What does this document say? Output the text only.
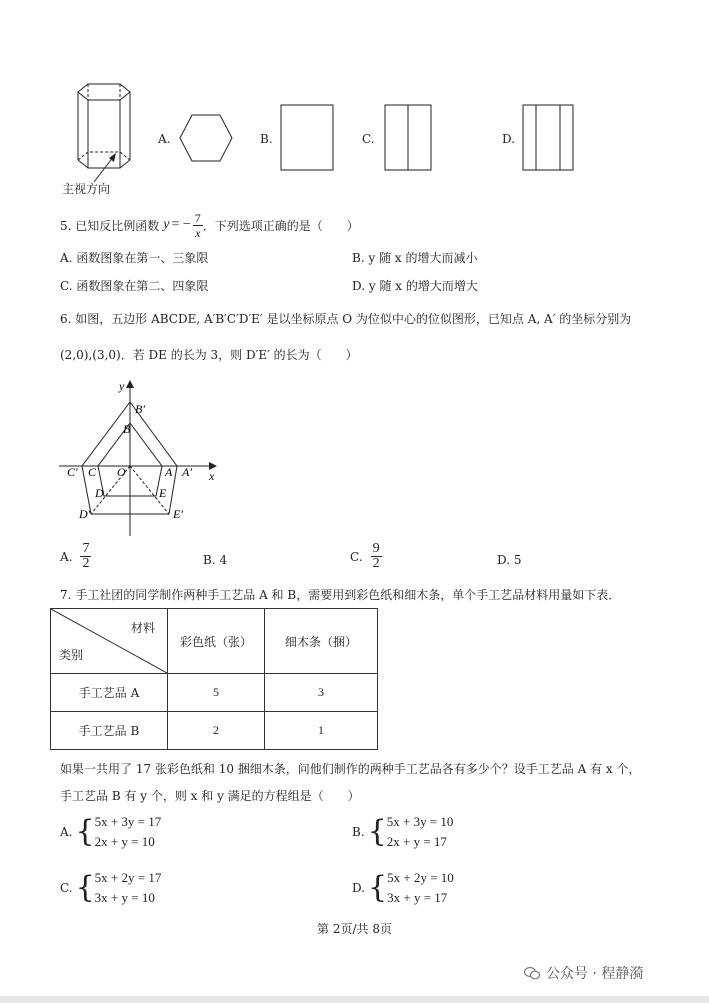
主视方向
A.	B.	C.	D.
5. 已知反比例函数 y = − $\frac{7}{x}$ ．下列选项正确的是（　　）
A. 函数图象在第一、三象限	B. y 随 x 的增大而减小
C. 函数图象在第二、四象限	D. y 随 x 的增大而增大
6. 如图，五边形 ABCDE, A′B′C′D′E′ 是以坐标原点 O 为位似中心的位似图形，已知点 A, A′ 的坐标分别为
(2,0),(3,0)．若 DE 的长为 3，则 D′E′ 的长为（　　）
y
x
B′
B
C′ C O	A A′
D	E
D′	E′
A. $\frac{7}{2}$	B. 4	C. $\frac{9}{2}$	D. 5
7. 手工社团的同学制作两种手工艺品 A 和 B，需要用到彩色纸和细木条，单个手工艺品材料用量如下表．
材料
类别	彩色纸（张）	细木条（捆）
手工艺品 A	5	3
手工艺品 B	2	1
如果一共用了 17 张彩色纸和 10 捆细木条，问他们制作的两种手工艺品各有多少个？设手工艺品 A 有 x 个，
手工艺品 B 有 y 个，则 x 和 y 满足的方程组是（　　）
A. { 5x + 3y = 17
2x + y = 10
B. { 5x + 3y = 10
2x + y = 17
C. { 5x + 2y = 17
3x + y = 10
D. { 5x + 2y = 10
3x + y = 17
第 2页/共 8页
公众号 · 程静漪
